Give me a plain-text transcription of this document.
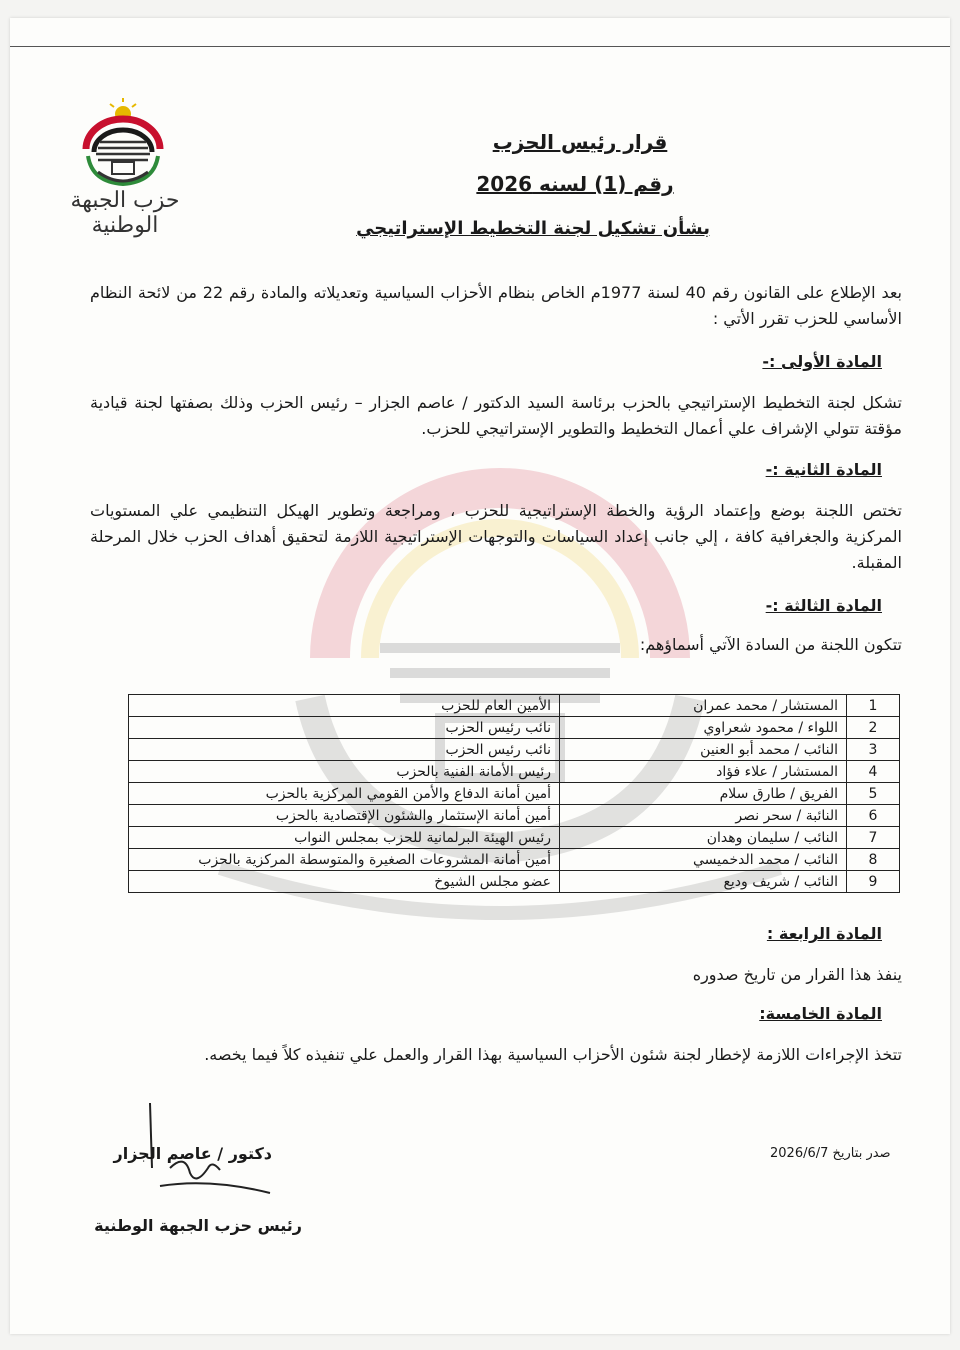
حزب الجبهة الوطنية
قرار رئيس الحزب
رقم (1) لسنه 2026
بشأن تشكيل لجنة التخطيط الإستراتيجي
بعد الإطلاع على القانون رقم 40 لسنة 1977م الخاص بنظام الأحزاب السياسية وتعديلاته والمادة رقم 22 من لائحة النظام الأساسي للحزب تقرر الأتي :
المادة الأولى :-
تشكل لجنة التخطيط الإستراتيجي بالحزب برئاسة السيد الدكتور / عاصم الجزار – رئيس الحزب وذلك بصفتها لجنة قيادية مؤقتة تتولي الإشراف علي أعمال التخطيط والتطوير الإستراتيجي للحزب.
المادة الثانية :-
تختص اللجنة بوضع وإعتماد الرؤية والخطة الإستراتيجية للحزب ، ومراجعة وتطوير الهيكل التنظيمي علي المستويات المركزية والجغرافية كافة ، إلي جانب إعداد السياسات والتوجهات الإستراتيجية اللازمة لتحقيق أهداف الحزب خلال المرحلة المقبلة.
المادة الثالثة :-
تتكون اللجنة من السادة الآتي أسماؤهم:
1	المستشار / محمد عمران	الأمين العام للحزب
2	اللواء / محمود شعراوي	نائب رئيس الحزب
3	النائب / محمد أبو العنين	نائب رئيس الحزب
4	المستشار / علاء فؤاد	رئيس الأمانة الفنية بالحزب
5	الفريق / طارق سلام	أمين أمانة الدفاع والأمن القومي المركزية بالحزب
6	النائبة / سحر نصر	أمين أمانة الإستثمار والشئون الإقتصادية بالحزب
7	النائب / سليمان وهدان	رئيس الهيئة البرلمانية للحزب بمجلس النواب
8	النائب / محمد الدخميسي	أمين أمانة المشروعات الصغيرة والمتوسطة المركزية بالحزب
9	النائب / شريف وديع	عضو مجلس الشيوخ
المادة الرابعة :
ينفذ هذا القرار من تاريخ صدوره
المادة الخامسة:
تتخذ الإجراءات اللازمة لإخطار لجنة شئون الأحزاب السياسية بهذا القرار والعمل علي تنفيذه كلاً فيما يخصه.
صدر بتاريخ 2026/6/7
دكتور / عاصم الجزار
رئيس حزب الجبهة الوطنية
